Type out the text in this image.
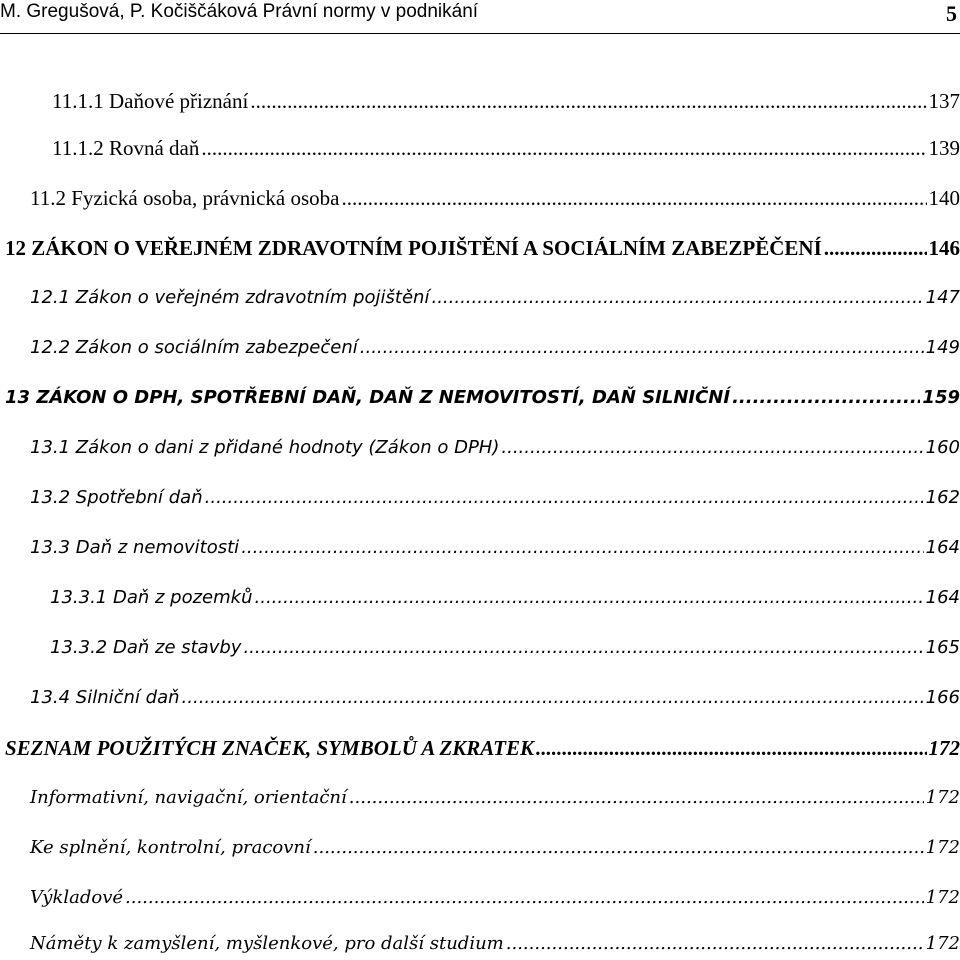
M. Gregušová, P. Kočiščáková Právní normy v podnikání	5
11.1.1 Daňové přiznání .....	137
11.1.2 Rovná daň .....	139
11.2 Fyzická osoba, právnická osoba .....	140
12 ZÁKON O VEŘEJNÉM ZDRAVOTNÍM POJIŠTĚNÍ A SOCIÁLNÍM ZABEZPĚČENÍ .....	146
12.1 Zákon o veřejném zdravotním pojištění .....	147
12.2 Zákon o sociálním zabezpečení .....	149
13 ZÁKON O DPH, SPOTŘEBNÍ DAŇ, DAŇ Z NEMOVITOSTÍ, DAŇ SILNIČNÍ .....	159
13.1 Zákon o dani z přidané hodnoty (Zákon o DPH) .....	160
13.2 Spotřební daň .....	162
13.3 Daň z nemovitosti .....	164
13.3.1 Daň z pozemků .....	164
13.3.2 Daň ze stavby .....	165
13.4 Silniční daň .....	166
SEZNAM POUŽITÝCH ZNAČEK, SYMBOLŮ A ZKRATEK .....	172
Informativní, navigační, orientační .....	172
Ke splnění, kontrolní, pracovní .....	172
Výkladové .....	172
Náměty k zamyšlení, myšlenkové, pro další studium .....	172
